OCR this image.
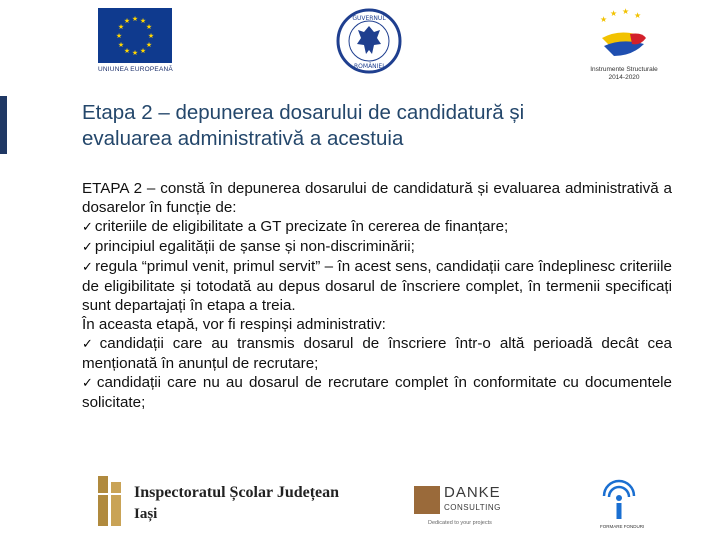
★ ★
★
★
★
★
★
★
★
★
★
★
UNIUNEA EUROPEANĂ
GUVERNUL
ROMÂNIEI
★
★ ★ ★
Instrumente Structurale
2014-2020
Etapa 2 – depunerea dosarului de candidatură și
evaluarea administrativă a acestuia

ETAPA 2 – constă în depunerea dosarului de candidatură și evaluarea administrativă a dosarelor în funcție de:

✓ criteriile de eligibilitate a GT precizate în cererea de finanțare;

✓ principiul egalității de șanse și non-discriminării;

✓ regula “primul venit, primul servit” – în acest sens, candidații care îndeplinesc criteriile de eligibilitate și totodată au depus dosarul de înscriere complet, în termenii specificați sunt departajați în etapa a treia.

În aceasta etapă, vor fi respinși administrativ:

✓ candidații care au transmis dosarul de înscriere într-o altă perioadă decât cea menționată în anunțul de recrutare;

✓ candidații care nu au dosarul de recrutare complet în conformitate cu documentele solicitate;

Inspectoratul Școlar Județean
Iași
DANKE
CONSULTING
Dedicated to your projects
FORMARE FONDURI
